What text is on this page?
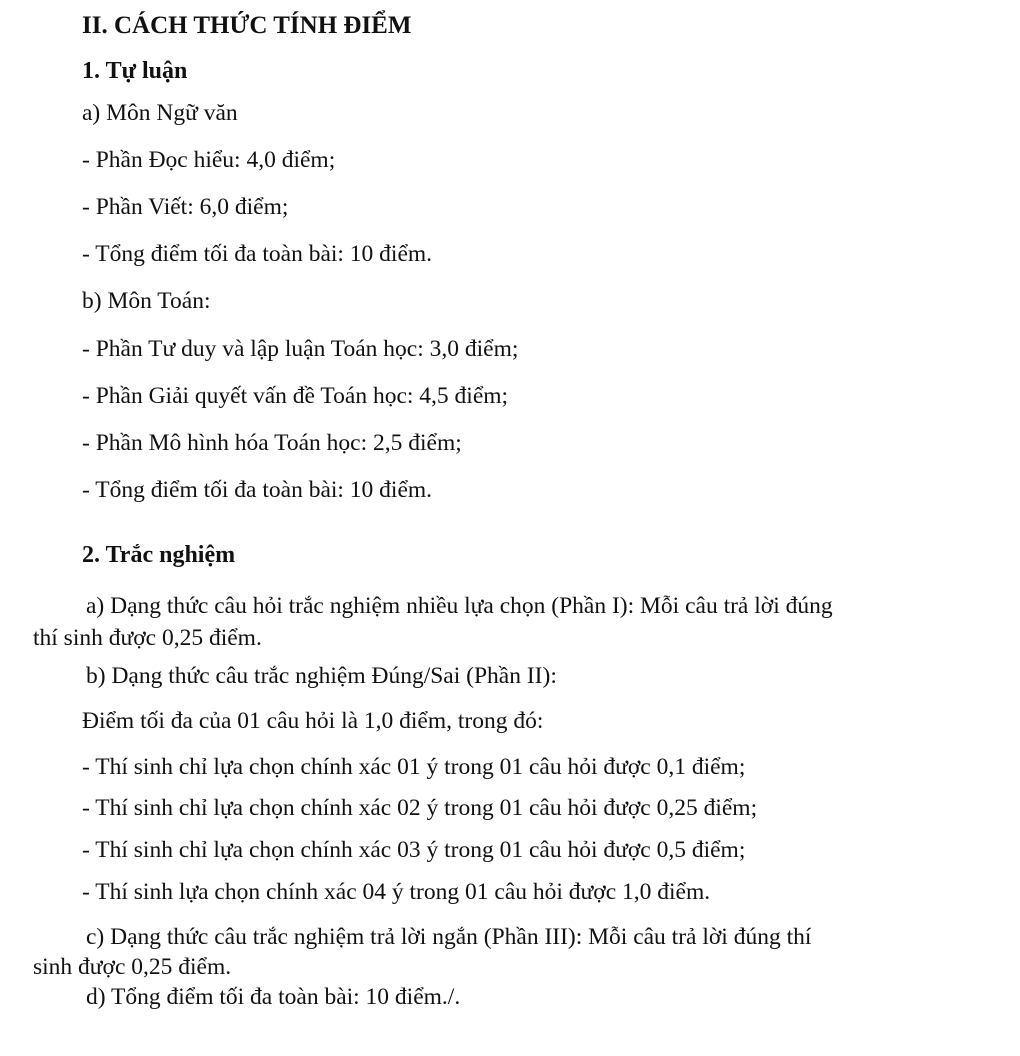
II. CÁCH THỨC TÍNH ĐIỂM
1. Tự luận
a) Môn Ngữ văn
- Phần Đọc hiểu: 4,0 điểm;
- Phần Viết: 6,0 điểm;
- Tổng điểm tối đa toàn bài: 10 điểm.
b) Môn Toán:
- Phần Tư duy và lập luận Toán học: 3,0 điểm;
- Phần Giải quyết vấn đề Toán học: 4,5 điểm;
- Phần Mô hình hóa Toán học: 2,5 điểm;
- Tổng điểm tối đa toàn bài: 10 điểm.
2. Trắc nghiệm
a) Dạng thức câu hỏi trắc nghiệm nhiều lựa chọn (Phần I): Mỗi câu trả lời đúng
thí sinh được 0,25 điểm.
b) Dạng thức câu trắc nghiệm Đúng/Sai (Phần II):
Điểm tối đa của 01 câu hỏi là 1,0 điểm, trong đó:
- Thí sinh chỉ lựa chọn chính xác 01 ý trong 01 câu hỏi được 0,1 điểm;
- Thí sinh chỉ lựa chọn chính xác 02 ý trong 01 câu hỏi được 0,25 điểm;
- Thí sinh chỉ lựa chọn chính xác 03 ý trong 01 câu hỏi được 0,5 điểm;
- Thí sinh lựa chọn chính xác 04 ý trong 01 câu hỏi được 1,0 điểm.
c) Dạng thức câu trắc nghiệm trả lời ngắn (Phần III): Mỗi câu trả lời đúng thí
sinh được 0,25 điểm.
d) Tổng điểm tối đa toàn bài: 10 điểm./.
